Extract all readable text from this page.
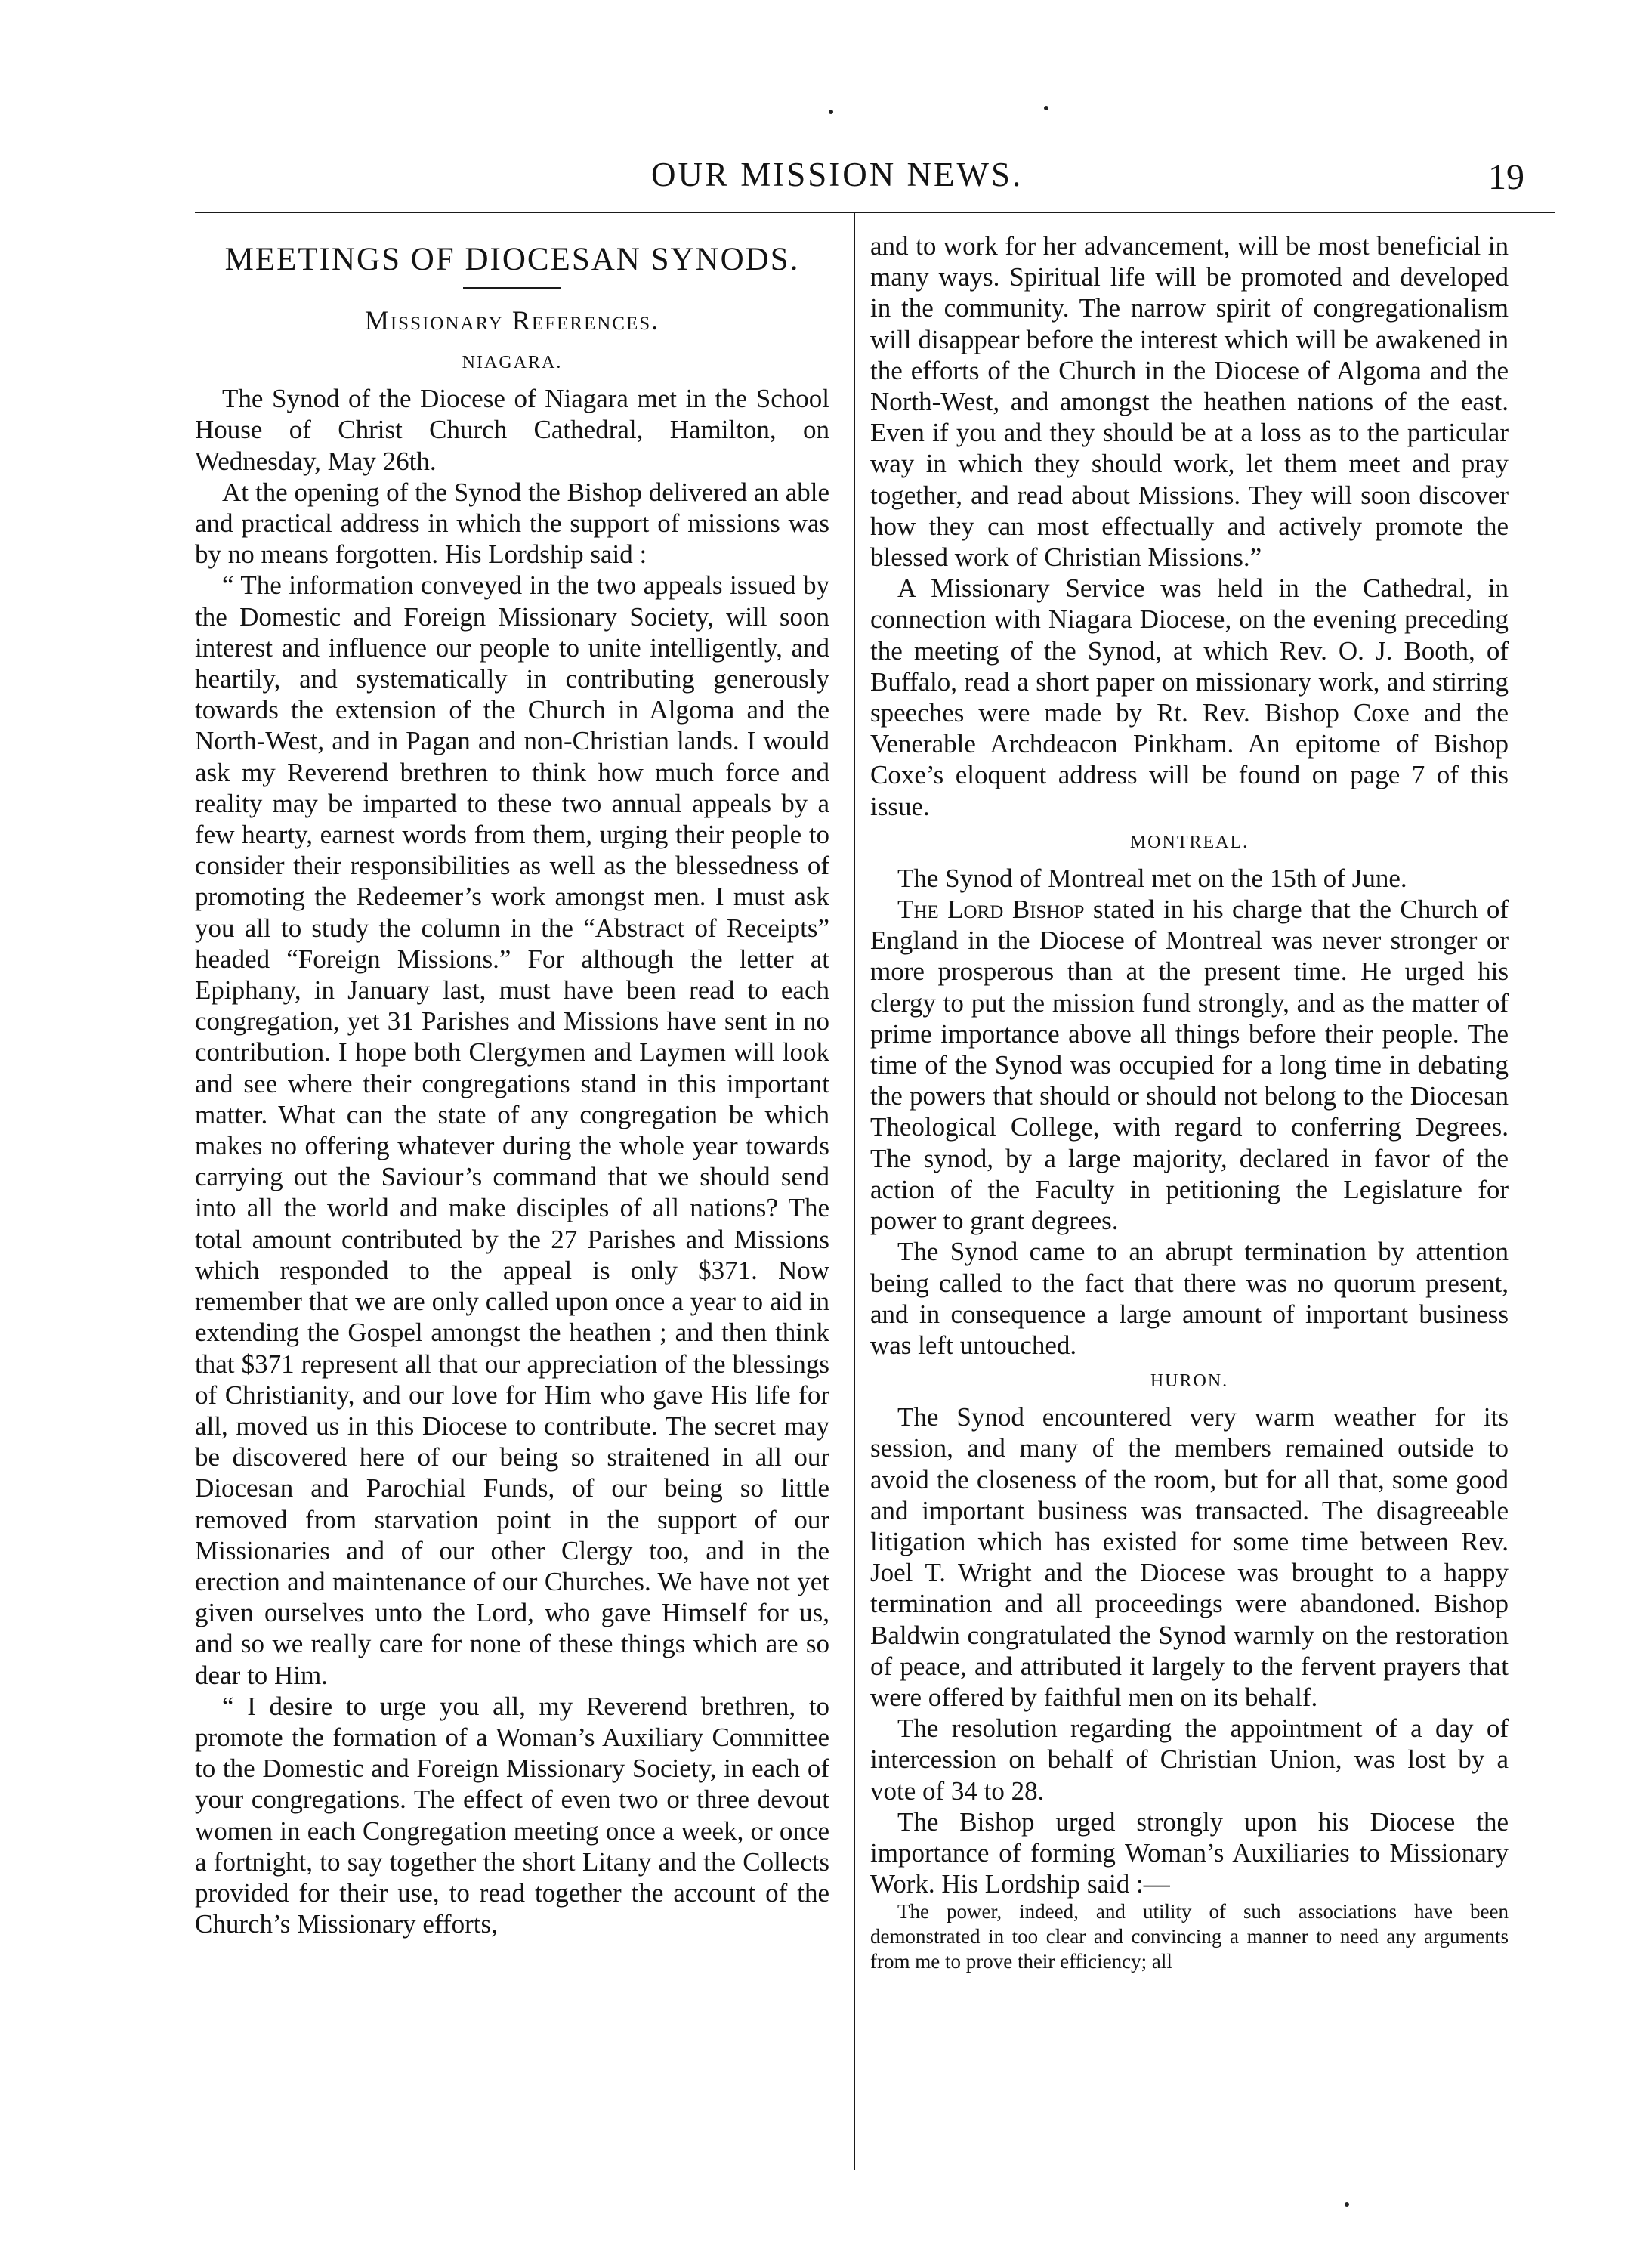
OUR MISSION NEWS.	19
MEETINGS OF DIOCESAN SYNODS.
Missionary References.
NIAGARA.

The Synod of the Diocese of Niagara met in the School House of Christ Church Cathedral, Hamilton, on Wednesday, May 26th.

At the opening of the Synod the Bishop delivered an able and practical address in which the support of missions was by no means forgotten. His Lordship said :

“ The information conveyed in the two appeals issued by the Domestic and Foreign Missionary Society, will soon interest and influence our people to unite intelligently, and heartily, and systematically in contributing generously towards the extension of the Church in Algoma and the North-West, and in Pagan and non-Christian lands. I would ask my Reverend brethren to think how much force and reality may be imparted to these two annual appeals by a few hearty, earnest words from them, urging their people to consider their responsibilities as well as the blessedness of promoting the Redeemer’s work amongst men. I must ask you all to study the column in the “Abstract of Receipts” headed “Foreign Missions.” For although the letter at Epiphany, in January last, must have been read to each congregation, yet 31 Parishes and Missions have sent in no contribution. I hope both Clergymen and Laymen will look and see where their congregations stand in this important matter. What can the state of any congregation be which makes no offering whatever during the whole year towards carrying out the Saviour’s command that we should send into all the world and make disciples of all nations? The total amount contributed by the 27 Parishes and Missions which responded to the appeal is only $371. Now remember that we are only called upon once a year to aid in extending the Gospel amongst the heathen ; and then think that $371 represent all that our appreciation of the blessings of Christianity, and our love for Him who gave His life for all, moved us in this Diocese to contribute. The secret may be discovered here of our being so straitened in all our Diocesan and Parochial Funds, of our being so little removed from starvation point in the support of our Missionaries and of our other Clergy too, and in the erection and maintenance of our Churches. We have not yet given ourselves unto the Lord, who gave Himself for us, and so we really care for none of these things which are so dear to Him.

“ I desire to urge you all, my Reverend brethren, to promote the formation of a Woman’s Auxiliary Committee to the Domestic and Foreign Missionary Society, in each of your congregations. The effect of even two or three devout women in each Congregation meeting once a week, or once a fortnight, to say together the short Litany and the Collects provided for their use, to read together the account of the Church’s Missionary efforts,

and to work for her advancement, will be most beneficial in many ways. Spiritual life will be promoted and developed in the community. The narrow spirit of congregationalism will disappear before the interest which will be awakened in the efforts of the Church in the Diocese of Algoma and the North-West, and amongst the heathen nations of the east. Even if you and they should be at a loss as to the particular way in which they should work, let them meet and pray together, and read about Missions. They will soon discover how they can most effectually and actively promote the blessed work of Christian Missions.”

A Missionary Service was held in the Cathedral, in connection with Niagara Diocese, on the evening preceding the meeting of the Synod, at which Rev. O. J. Booth, of Buffalo, read a short paper on missionary work, and stirring speeches were made by Rt. Rev. Bishop Coxe and the Venerable Archdeacon Pinkham. An epitome of Bishop Coxe’s eloquent address will be found on page 7 of this issue.

MONTREAL.

The Synod of Montreal met on the 15th of June.

The Lord Bishop stated in his charge that the Church of England in the Diocese of Montreal was never stronger or more prosperous than at the present time. He urged his clergy to put the mission fund strongly, and as the matter of prime importance above all things before their people. The time of the Synod was occupied for a long time in debating the powers that should or should not belong to the Diocesan Theological College, with regard to conferring Degrees. The synod, by a large majority, declared in favor of the action of the Faculty in petitioning the Legislature for power to grant degrees.

The Synod came to an abrupt termination by attention being called to the fact that there was no quorum present, and in consequence a large amount of important business was left untouched.

HURON.

The Synod encountered very warm weather for its session, and many of the members remained outside to avoid the closeness of the room, but for all that, some good and important business was transacted. The disagreeable litigation which has existed for some time between Rev. Joel T. Wright and the Diocese was brought to a happy termination and all proceedings were abandoned. Bishop Baldwin congratulated the Synod warmly on the restoration of peace, and attributed it largely to the fervent prayers that were offered by faithful men on its behalf.

The resolution regarding the appointment of a day of intercession on behalf of Christian Union, was lost by a vote of 34 to 28.

The Bishop urged strongly upon his Diocese the importance of forming Woman’s Auxiliaries to Missionary Work. His Lordship said :—

The power, indeed, and utility of such associations have been demonstrated in too clear and convincing a manner to need any arguments from me to prove their efficiency; all
